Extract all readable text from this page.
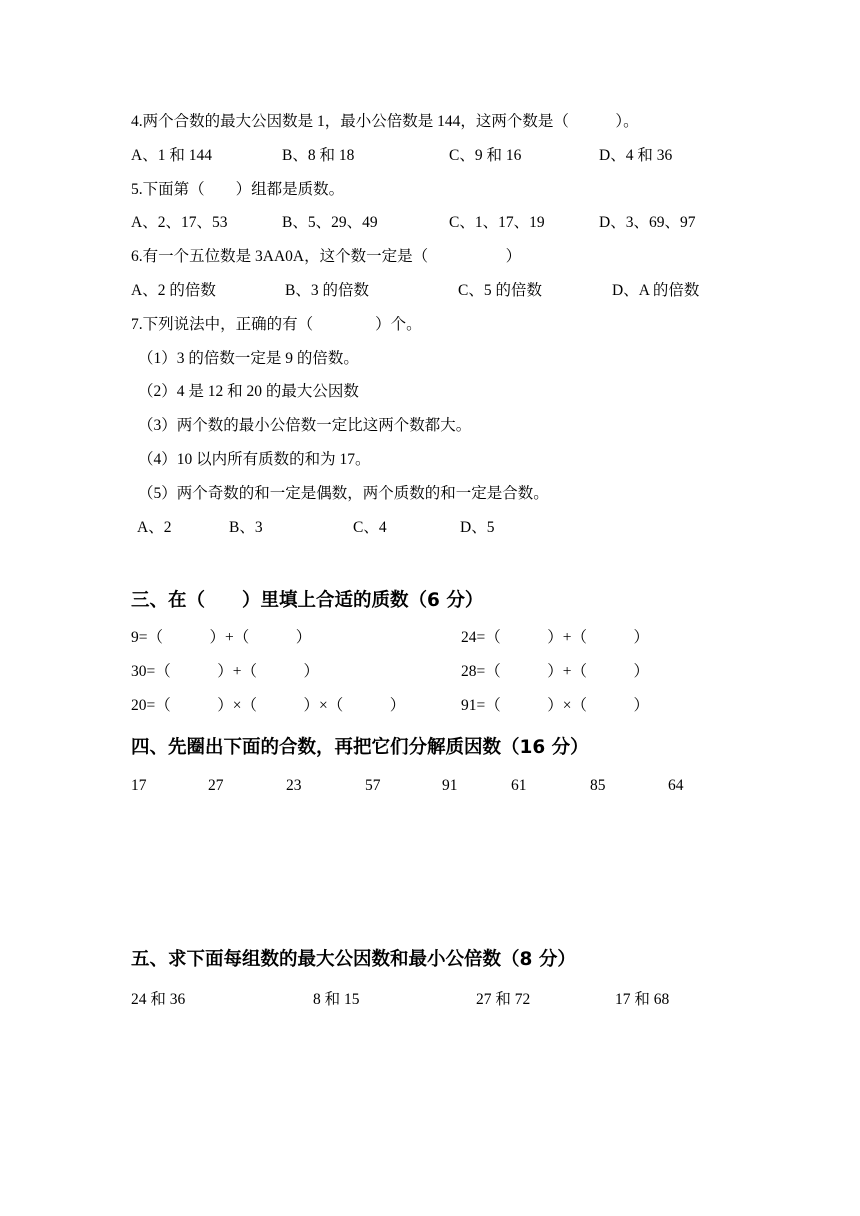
4.两个合数的最大公因数是 1，最小公倍数是 144，这两个数是（　　　）。
A、1 和 144	B、8 和 18	C、9 和 16	D、4 和 36
5.下面第（　　）组都是质数。
A、2、17、53	B、5、29、49	C、1、17、19	D、3、69、97
6.有一个五位数是 3AA0A，这个数一定是（　　　　　）
A、2 的倍数	B、3 的倍数	C、5 的倍数	D、A 的倍数
7.下列说法中，正确的有（　　　　）个。
（1）3 的倍数一定是 9 的倍数。
（2）4 是 12 和 20 的最大公因数
（3）两个数的最小公倍数一定比这两个数都大。
（4）10 以内所有质数的和为 17。
（5）两个奇数的和一定是偶数，两个质数的和一定是合数。
A、2	B、3	C、4	D、5
三、在（　　）里填上合适的质数（6 分）
9=（　　　）+（　　　）	24=（　　　）+（　　　）
30=（　　　）+（　　　）	28=（　　　）+（　　　）
20=（　　　）×（　　　）×（　　　）	91=（　　　）×（　　　）
四、先圈出下面的合数，再把它们分解质因数（16 分）
17	27	23	57	91	61	85	64
五、求下面每组数的最大公因数和最小公倍数（8 分）
24 和 36	8 和 15	27 和 72	17 和 68
